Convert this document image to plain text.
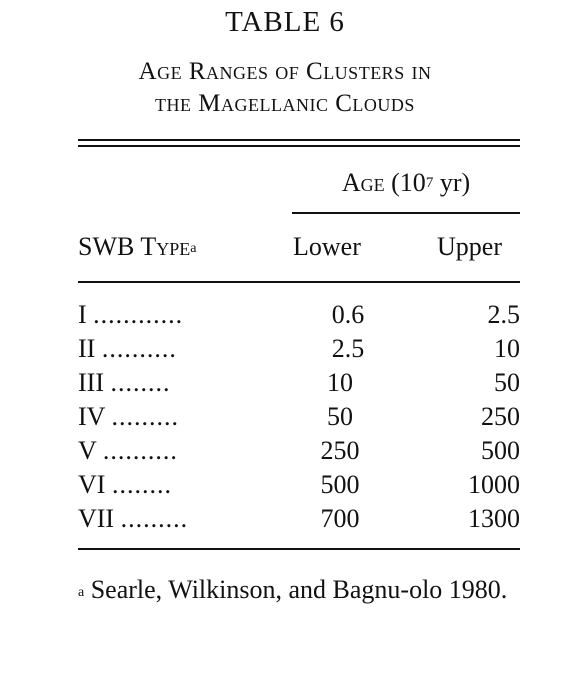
TABLE 6
Age Ranges of Clusters in
the Magellanic Clouds
Age ($10^7$ yr)
SWB Type$^a$	Lower	Upper
I ............	0.6	2.5
II ..........	2.5	10
III ........	10	50
IV .........	50	250
V ..........	250	500
VI ........	500	1000
VII .........	700	1300
$^a$ Searle, Wilkinson, and Bagnu-olo 1980.
